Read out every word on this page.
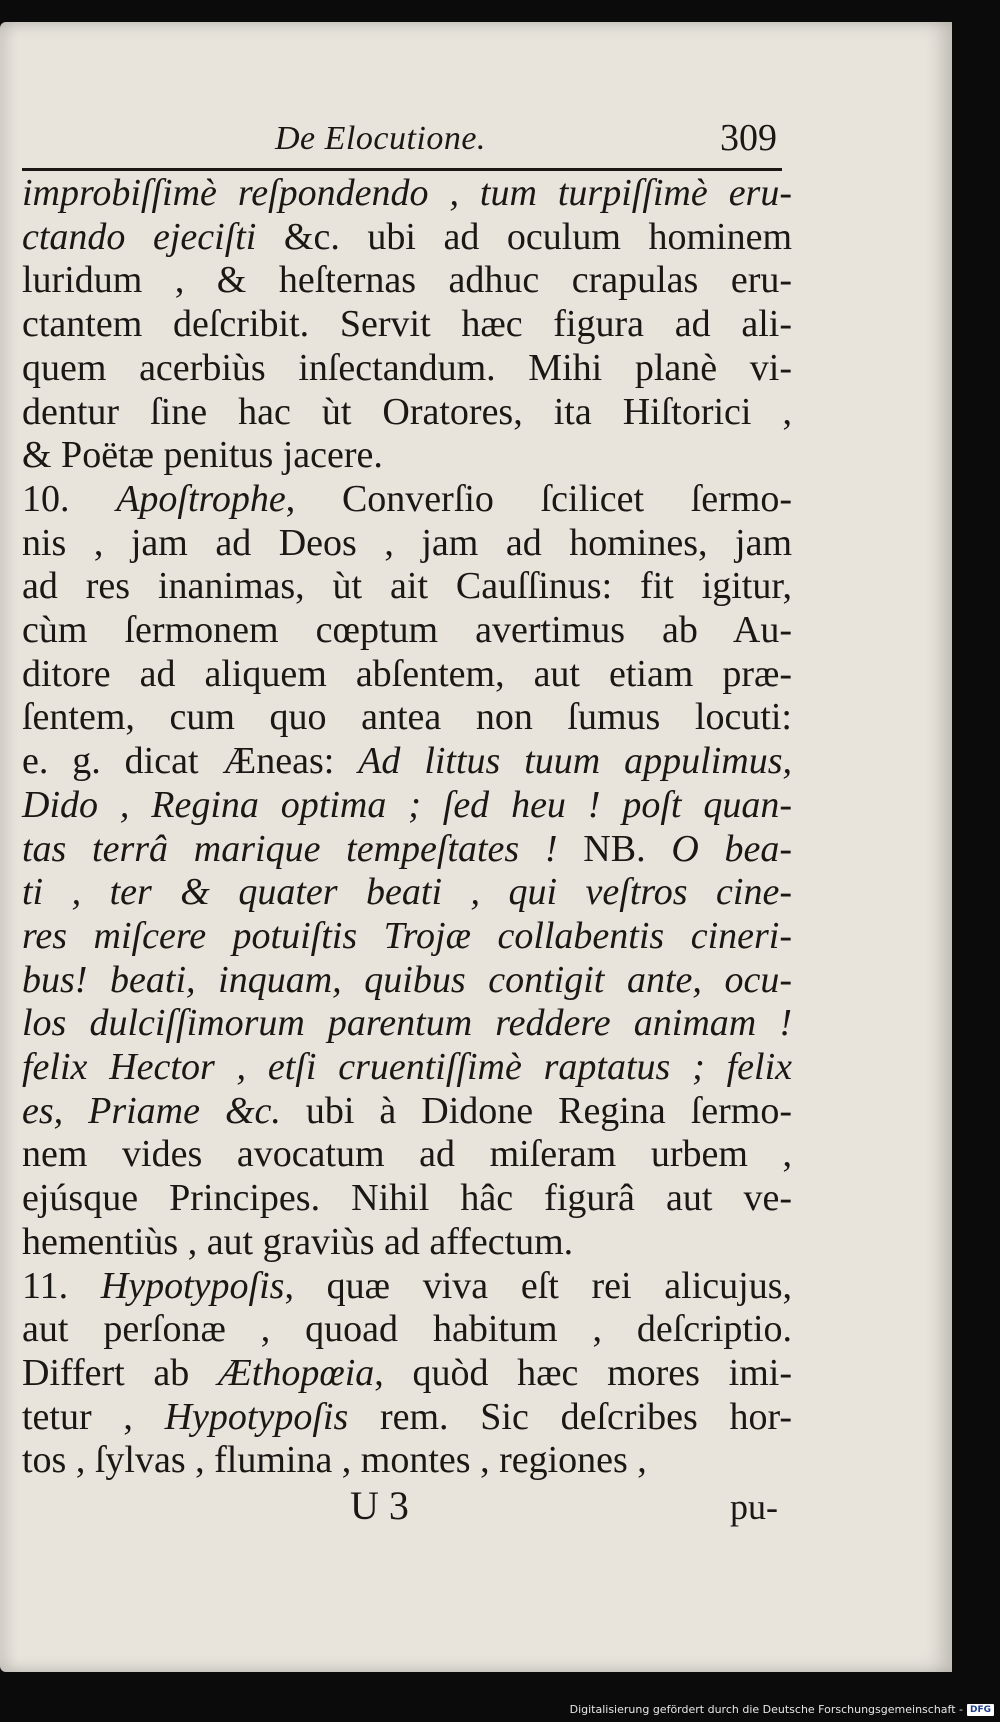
De Elocutione.	309
improbiſſimè reſpondendo , tum turpiſſimè eru-
ctando ejeciſti &c. ubi ad oculum hominem
luridum , & heſternas adhuc crapulas eru-
ctantem deſcribit. Servit hæc figura ad ali-
quem acerbiùs inſectandum. Mihi planè vi-
dentur ſine hac ùt Oratores, ita Hiſtorici ,
& Poëtæ penitus jacere.
10. Apoſtrophe, Converſio ſcilicet ſermo-
nis , jam ad Deos , jam ad homines, jam
ad res inanimas, ùt ait Cauſſinus: fit igitur,
cùm ſermonem cœptum avertimus ab Au-
ditore ad aliquem abſentem, aut etiam præ-
ſentem, cum quo antea non ſumus locuti:
e. g. dicat Æneas: Ad littus tuum appulimus,
Dido , Regina optima ; ſed heu ! poſt quan-
tas terrâ marique tempeſtates ! NB. O bea-
ti , ter & quater beati , qui veſtros cine-
res miſcere potuiſtis Trojæ collabentis cineri-
bus! beati, inquam, quibus contigit ante, ocu-
los dulciſſimorum parentum reddere animam !
felix Hector , etſi cruentiſſimè raptatus ; felix
es, Priame &c. ubi à Didone Regina ſermo-
nem vides avocatum ad miſeram urbem ,
ejúsque Principes. Nihil hâc figurâ aut ve-
hementiùs , aut graviùs ad affectum.
11. Hypotypoſis, quæ viva eſt rei alicujus,
aut perſonæ , quoad habitum , deſcriptio.
Differt ab Æthopœia, quòd hæc mores imi-
tetur , Hypotypoſis rem. Sic deſcribes hor-
tos , ſylvas , flumina , montes , regiones ,
U 3	pu-
Digitalisierung gefördert durch die Deutsche Forschungsgemeinschaft - DFG
